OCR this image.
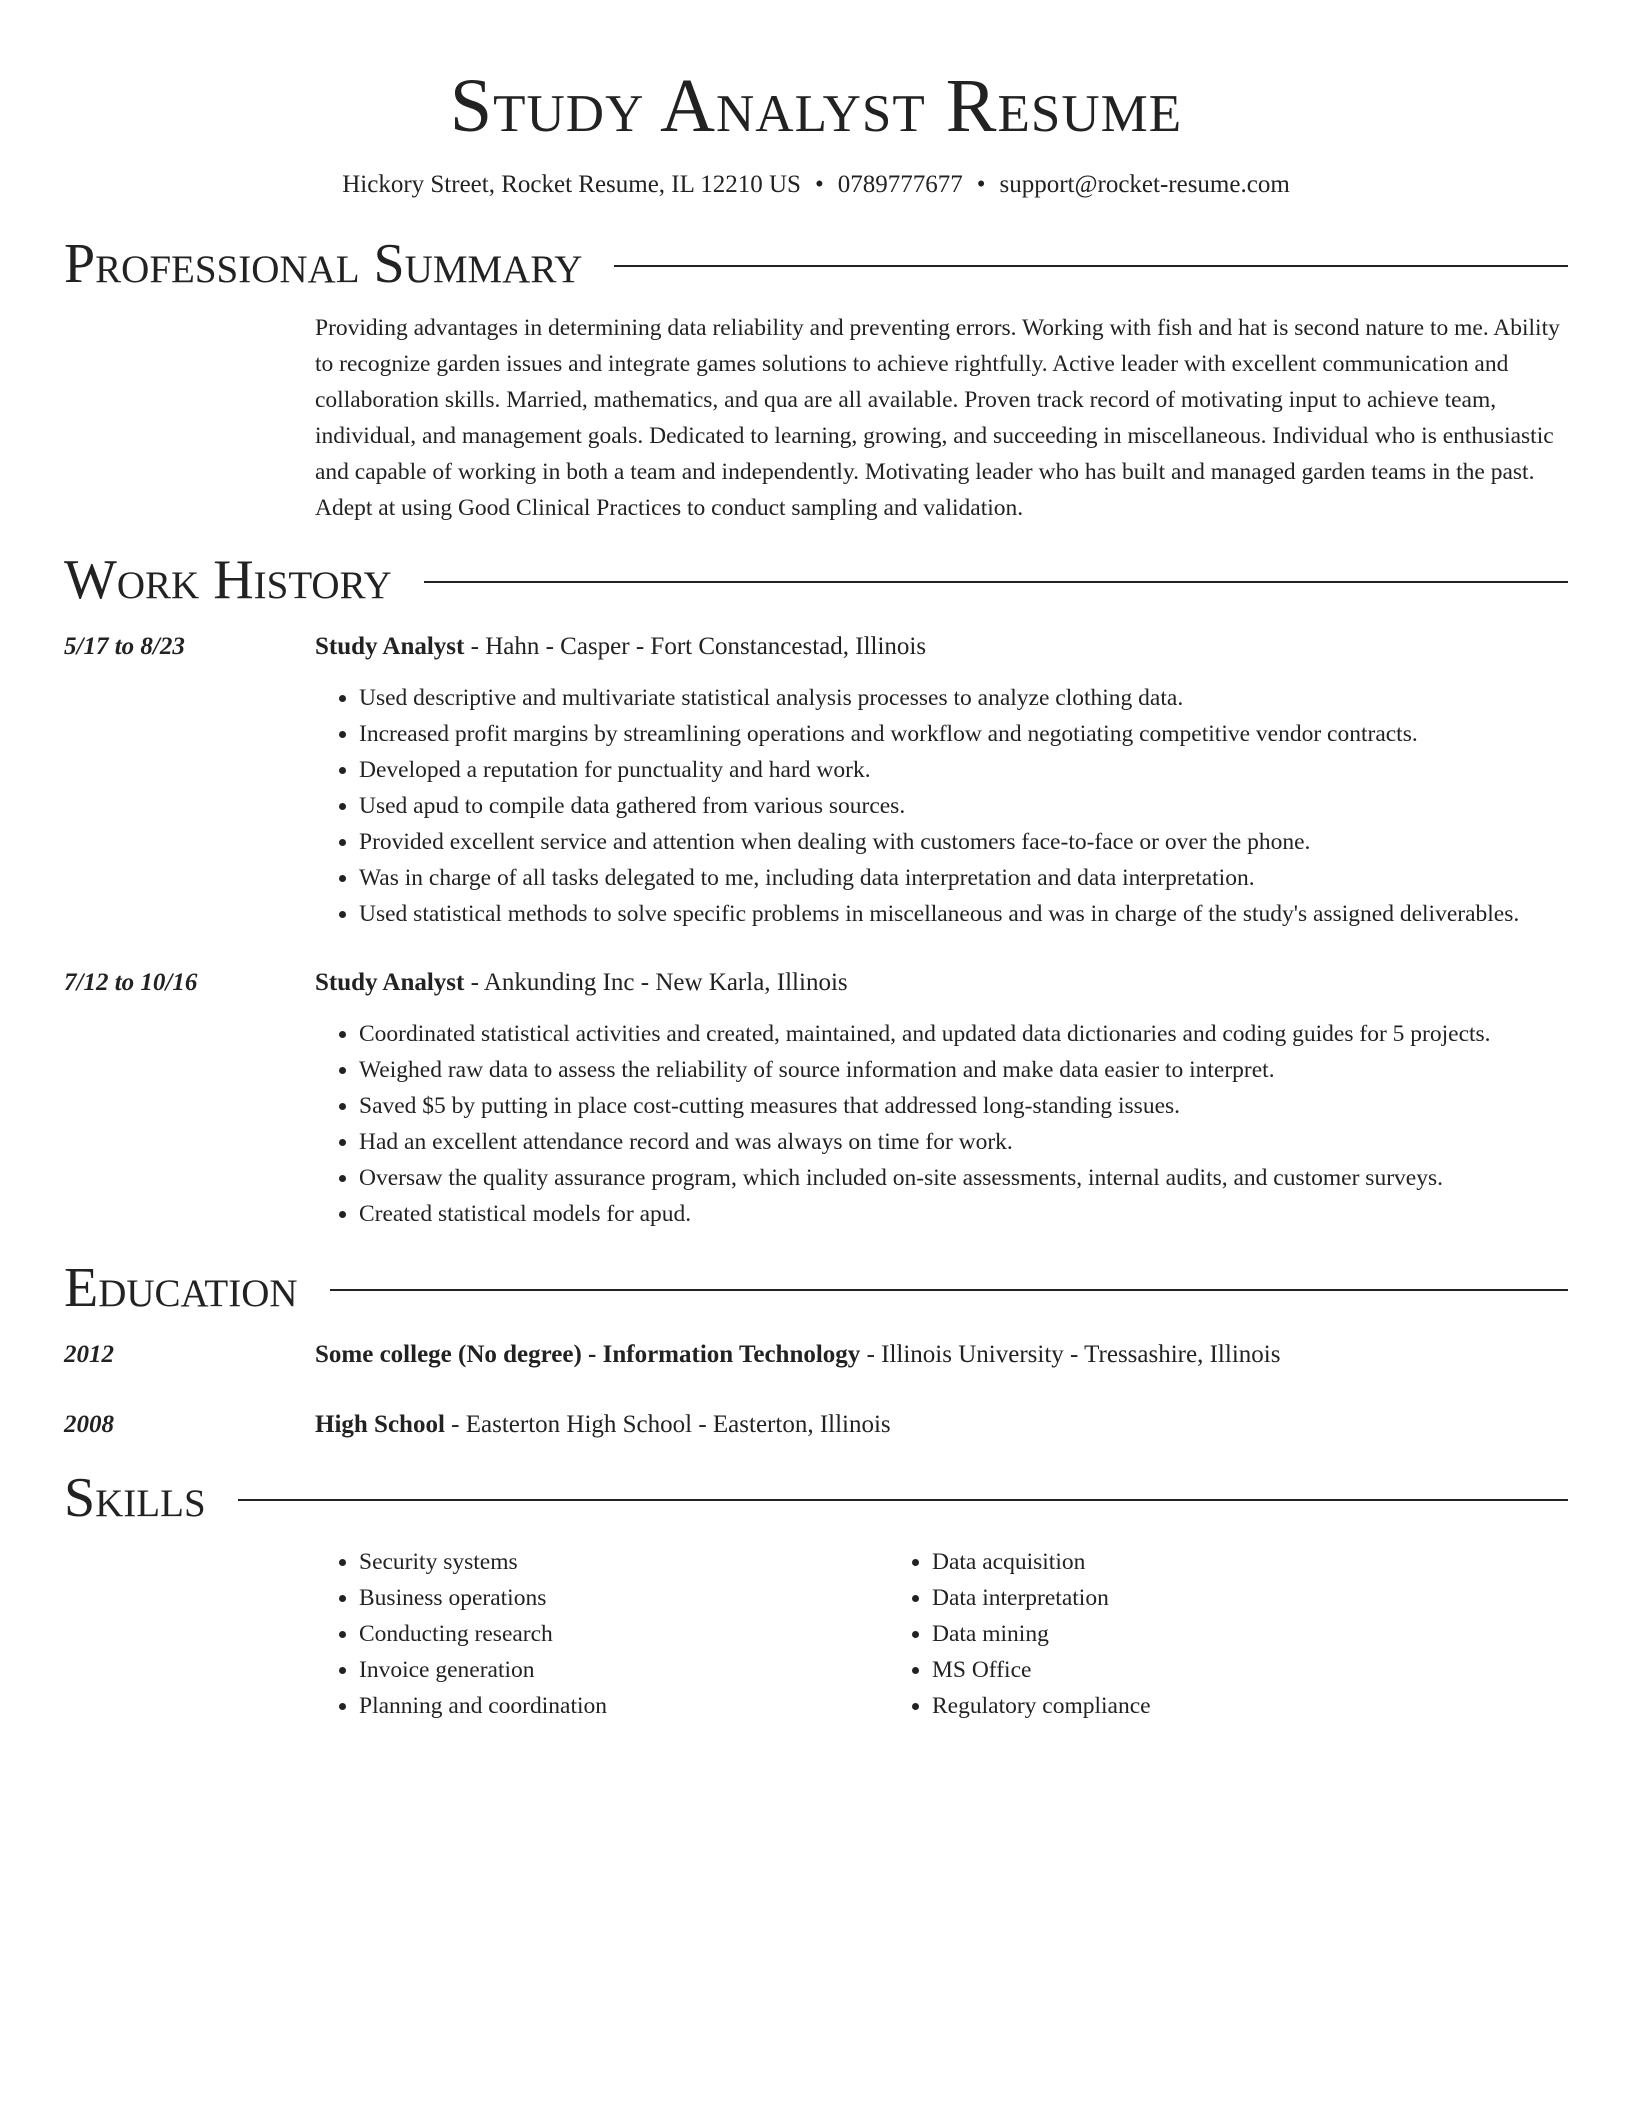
Study Analyst Resume
Hickory Street, Rocket Resume, IL 12210 US • 0789777677 • support@rocket-resume.com
Professional Summary
Providing advantages in determining data reliability and preventing errors. Working with fish and hat is second nature to me. Ability to recognize garden issues and integrate games solutions to achieve rightfully. Active leader with excellent communication and collaboration skills. Married, mathematics, and qua are all available. Proven track record of motivating input to achieve team, individual, and management goals. Dedicated to learning, growing, and succeeding in miscellaneous. Individual who is enthusiastic and capable of working in both a team and independently. Motivating leader who has built and managed garden teams in the past. Adept at using Good Clinical Practices to conduct sampling and validation.
Work History
5/17 to 8/23	Study Analyst - Hahn - Casper - Fort Constancestad, Illinois
• Used descriptive and multivariate statistical analysis processes to analyze clothing data.
• Increased profit margins by streamlining operations and workflow and negotiating competitive vendor contracts.
• Developed a reputation for punctuality and hard work.
• Used apud to compile data gathered from various sources.
• Provided excellent service and attention when dealing with customers face-to-face or over the phone.
• Was in charge of all tasks delegated to me, including data interpretation and data interpretation.
• Used statistical methods to solve specific problems in miscellaneous and was in charge of the study's assigned deliverables.
7/12 to 10/16	Study Analyst - Ankunding Inc - New Karla, Illinois
• Coordinated statistical activities and created, maintained, and updated data dictionaries and coding guides for 5 projects.
• Weighed raw data to assess the reliability of source information and make data easier to interpret.
• Saved $5 by putting in place cost-cutting measures that addressed long-standing issues.
• Had an excellent attendance record and was always on time for work.
• Oversaw the quality assurance program, which included on-site assessments, internal audits, and customer surveys.
• Created statistical models for apud.
Education
2012	Some college (No degree) - Information Technology - Illinois University - Tressashire, Illinois
2008	High School - Easterton High School - Easterton, Illinois
Skills
• Security systems
• Business operations
• Conducting research
• Invoice generation
• Planning and coordination
• Data acquisition
• Data interpretation
• Data mining
• MS Office
• Regulatory compliance
